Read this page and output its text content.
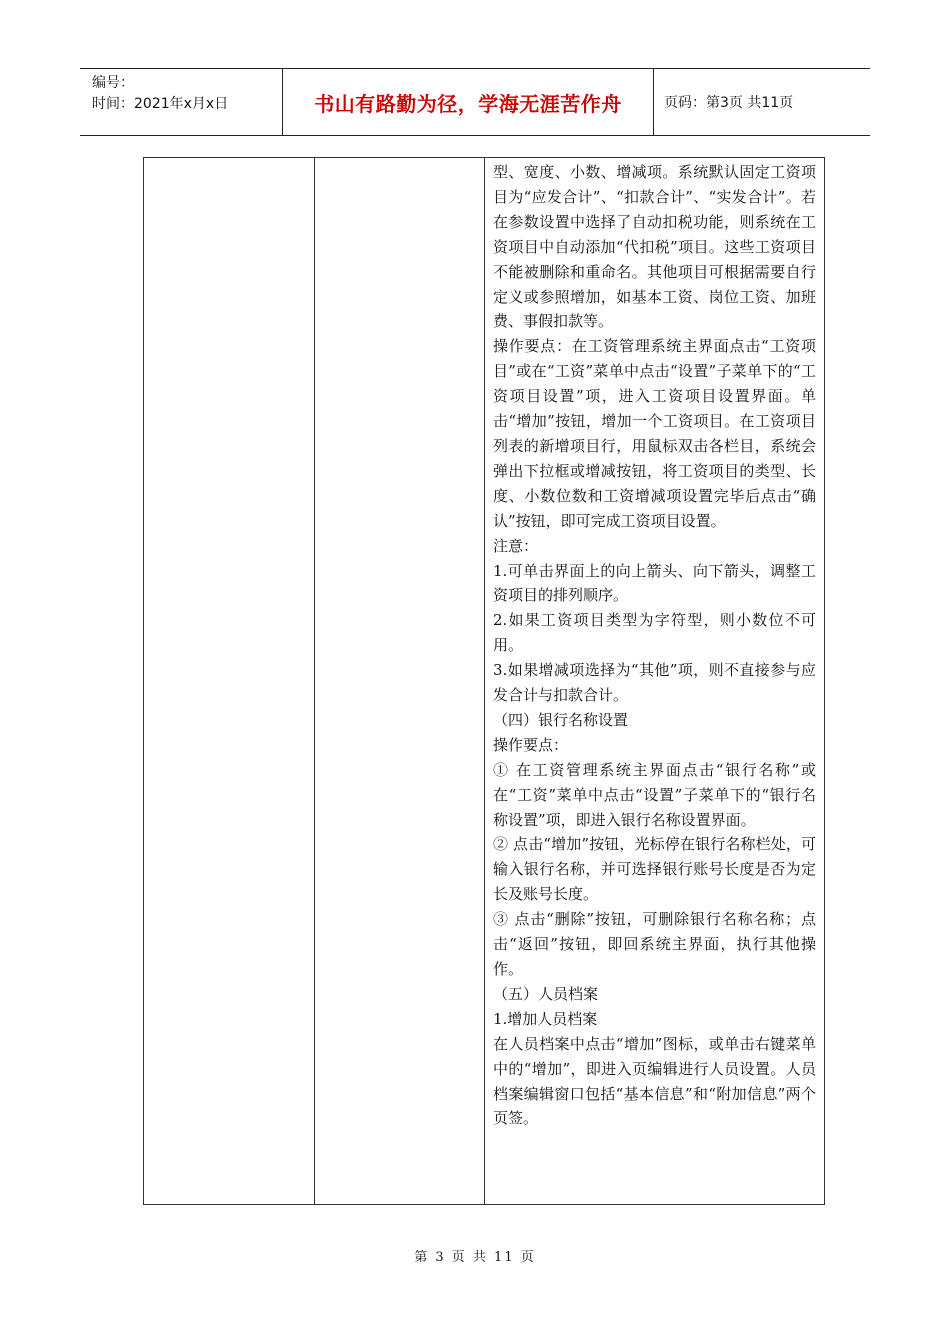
编号：
时间：2021年x月x日	书山有路勤为径，学海无涯苦作舟	页码：第3页 共11页

型、宽度、小数、增减项。系统默认固定工资项目为“应发合计”、“扣款合计”、“实发合计”。若在参数设置中选择了自动扣税功能，则系统在工资项目中自动添加“代扣税”项目。这些工资项目不能被删除和重命名。其他项目可根据需要自行定义或参照增加，如基本工资、岗位工资、加班费、事假扣款等。

操作要点：在工资管理系统主界面点击“工资项目”或在“工资”菜单中点击“设置”子菜单下的“工资项目设置”项，进入工资项目设置界面。单击“增加”按钮，增加一个工资项目。在工资项目列表的新增项目行，用鼠标双击各栏目，系统会弹出下拉框或增减按钮，将工资项目的类型、长度、小数位数和工资增减项设置完毕后点击“确认”按钮，即可完成工资项目设置。

注意：

1.可单击界面上的向上箭头、向下箭头，调整工资项目的排列顺序。

2.如果工资项目类型为字符型，则小数位不可用。

3.如果增减项选择为“其他”项，则不直接参与应发合计与扣款合计。

（四）银行名称设置

操作要点：

① 在工资管理系统主界面点击“银行名称”或在“工资”菜单中点击“设置”子菜单下的“银行名称设置”项，即进入银行名称设置界面。

② 点击“增加”按钮，光标停在银行名称栏处，可输入银行名称，并可选择银行账号长度是否为定长及账号长度。

③ 点击“删除”按钮，可删除银行名称名称；点击“返回”按钮，即回系统主界面，执行其他操作。

（五）人员档案

1.增加人员档案

在人员档案中点击“增加”图标，或单击右键菜单中的“增加”，即进入页编辑进行人员设置。人员档案编辑窗口包括“基本信息”和“附加信息”两个页签。

第 3 页 共 11 页
